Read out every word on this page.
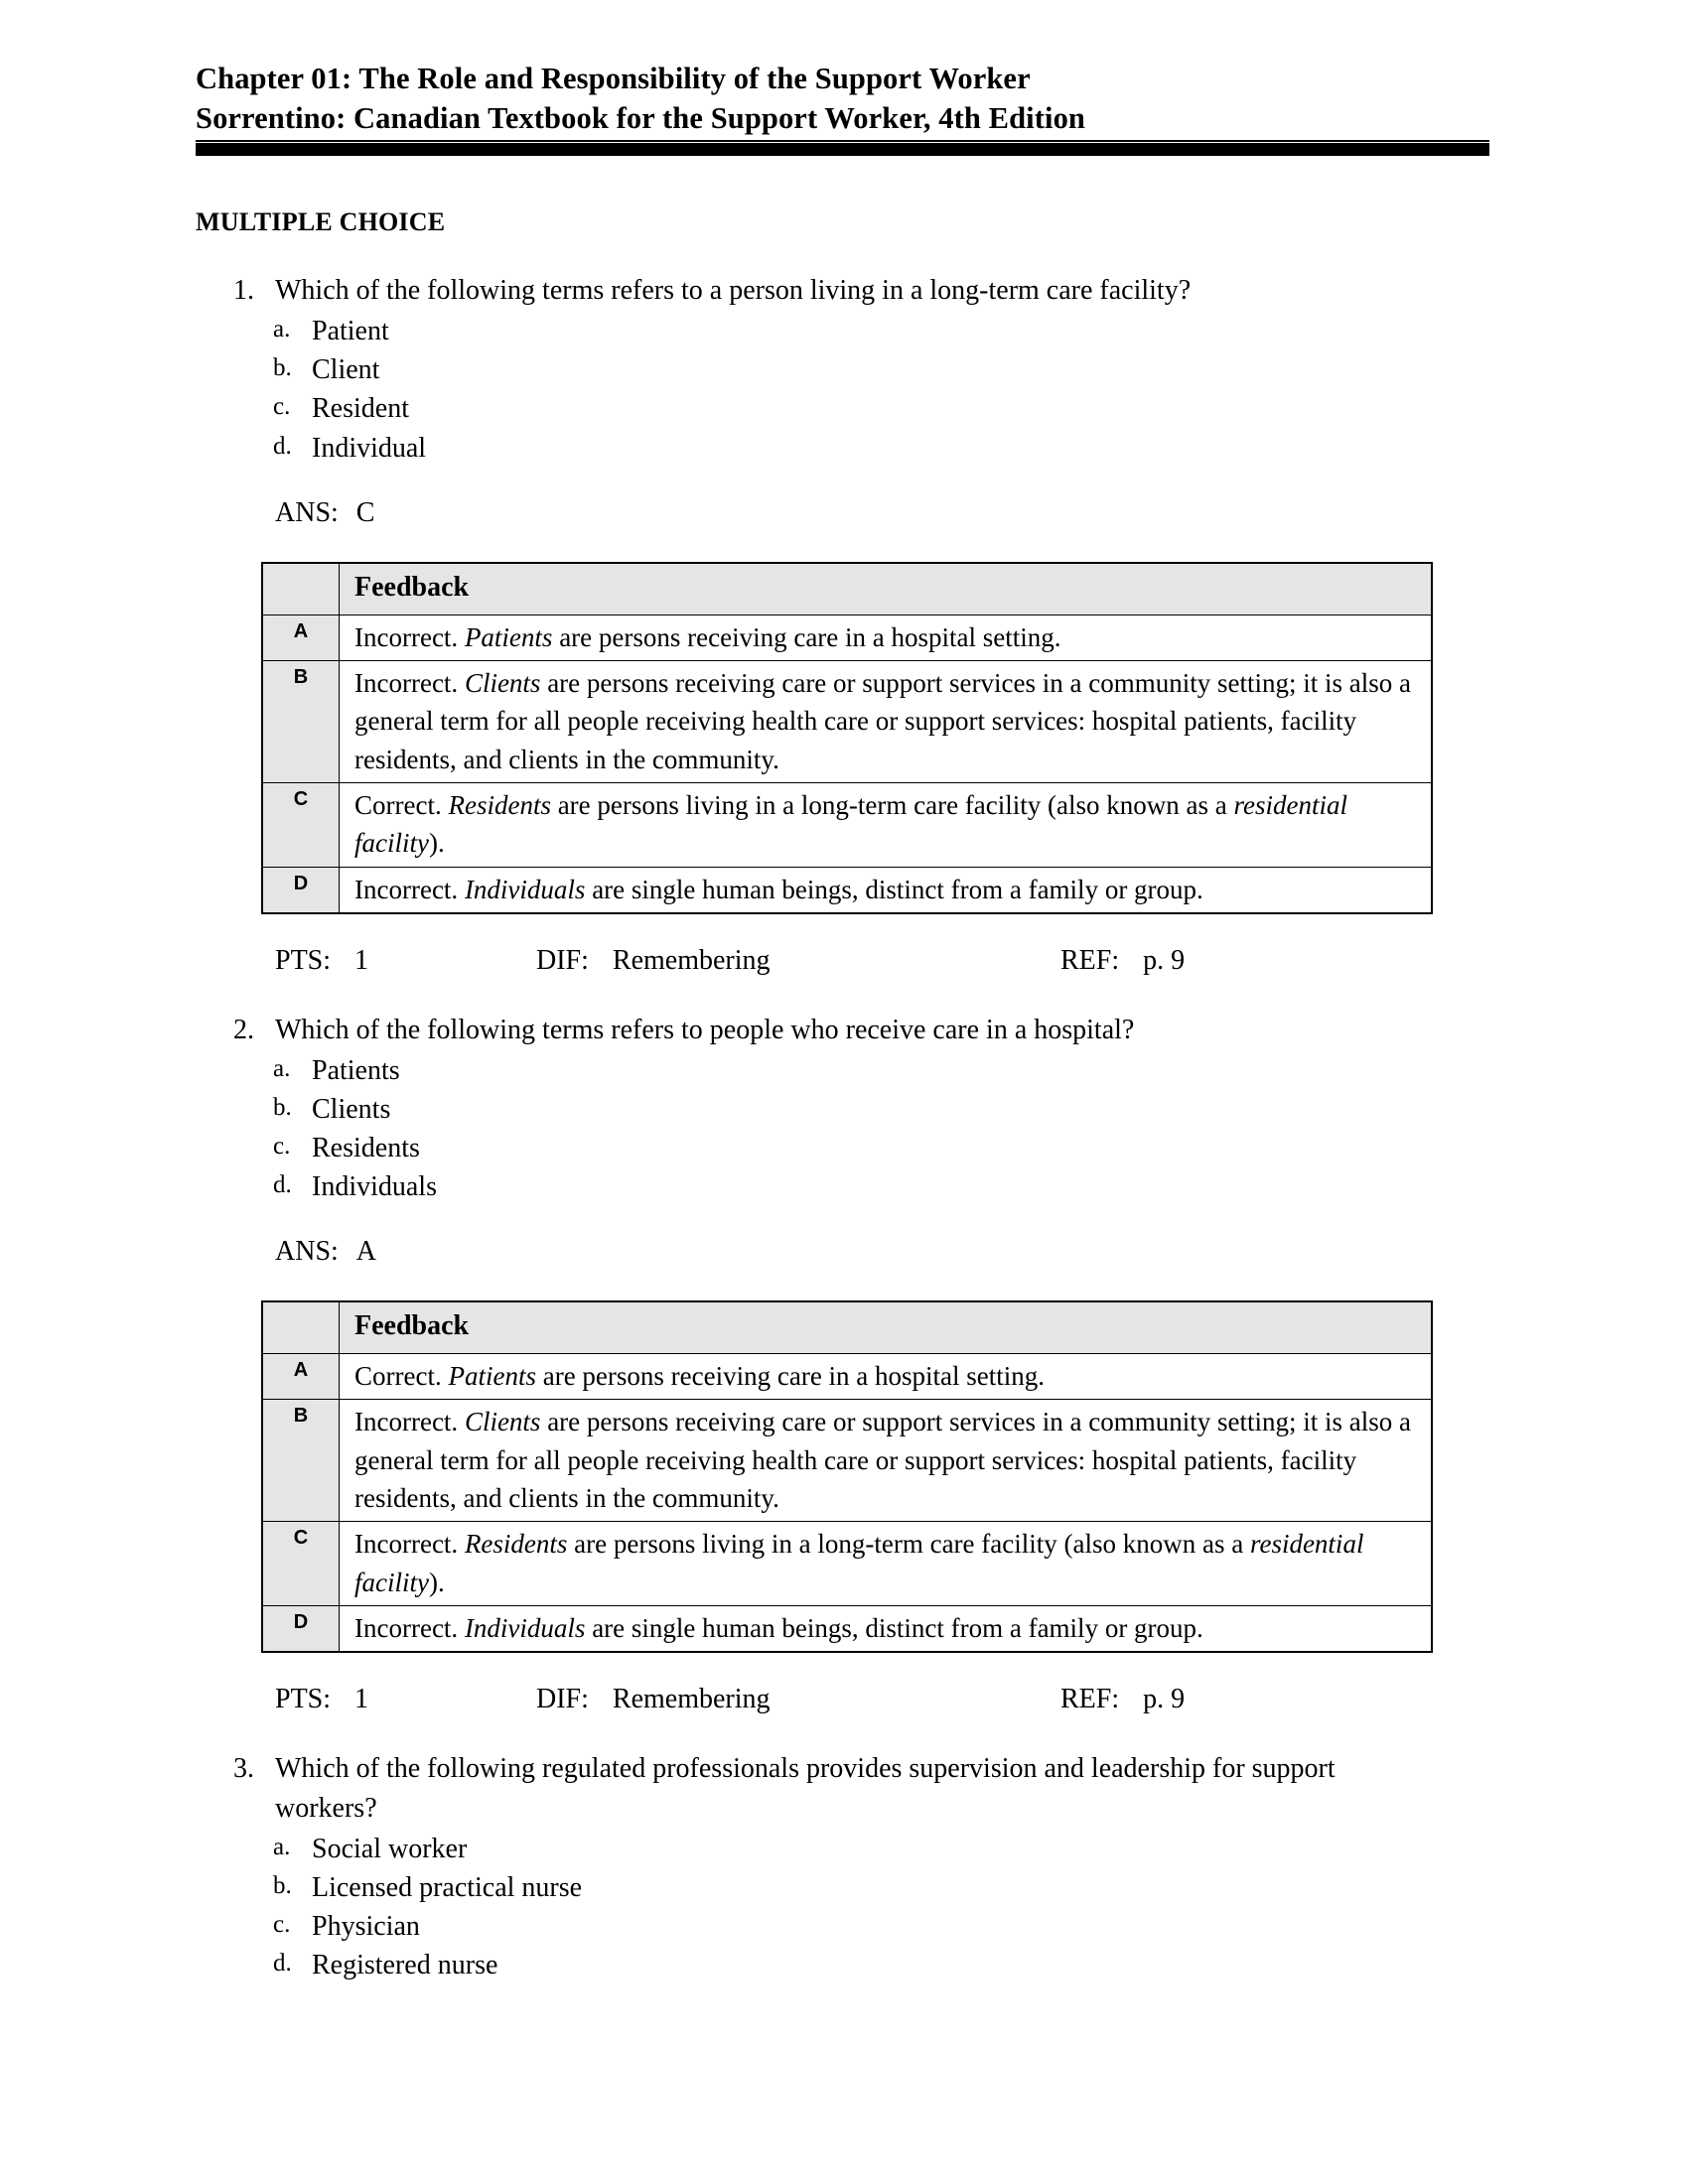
Chapter 01: The Role and Responsibility of the Support Worker
Sorrentino: Canadian Textbook for the Support Worker, 4th Edition
MULTIPLE CHOICE
1. Which of the following terms refers to a person living in a long-term care facility?
a. Patient
b. Client
c. Resident
d. Individual
ANS: C
	Feedback
A	Incorrect. Patients are persons receiving care in a hospital setting.
B	Incorrect. Clients are persons receiving care or support services in a community setting; it is also a general term for all people receiving health care or support services: hospital patients, facility residents, and clients in the community.
C	Correct. Residents are persons living in a long-term care facility (also known as a residential facility).
D	Incorrect. Individuals are single human beings, distinct from a family or group.
PTS: 1	DIF: Remembering	REF: p. 9
2. Which of the following terms refers to people who receive care in a hospital?
a. Patients
b. Clients
c. Residents
d. Individuals
ANS: A
	Feedback
A	Correct. Patients are persons receiving care in a hospital setting.
B	Incorrect. Clients are persons receiving care or support services in a community setting; it is also a general term for all people receiving health care or support services: hospital patients, facility residents, and clients in the community.
C	Incorrect. Residents are persons living in a long-term care facility (also known as a residential facility).
D	Incorrect. Individuals are single human beings, distinct from a family or group.
PTS: 1	DIF: Remembering	REF: p. 9
3. Which of the following regulated professionals provides supervision and leadership for support workers?
a. Social worker
b. Licensed practical nurse
c. Physician
d. Registered nurse
